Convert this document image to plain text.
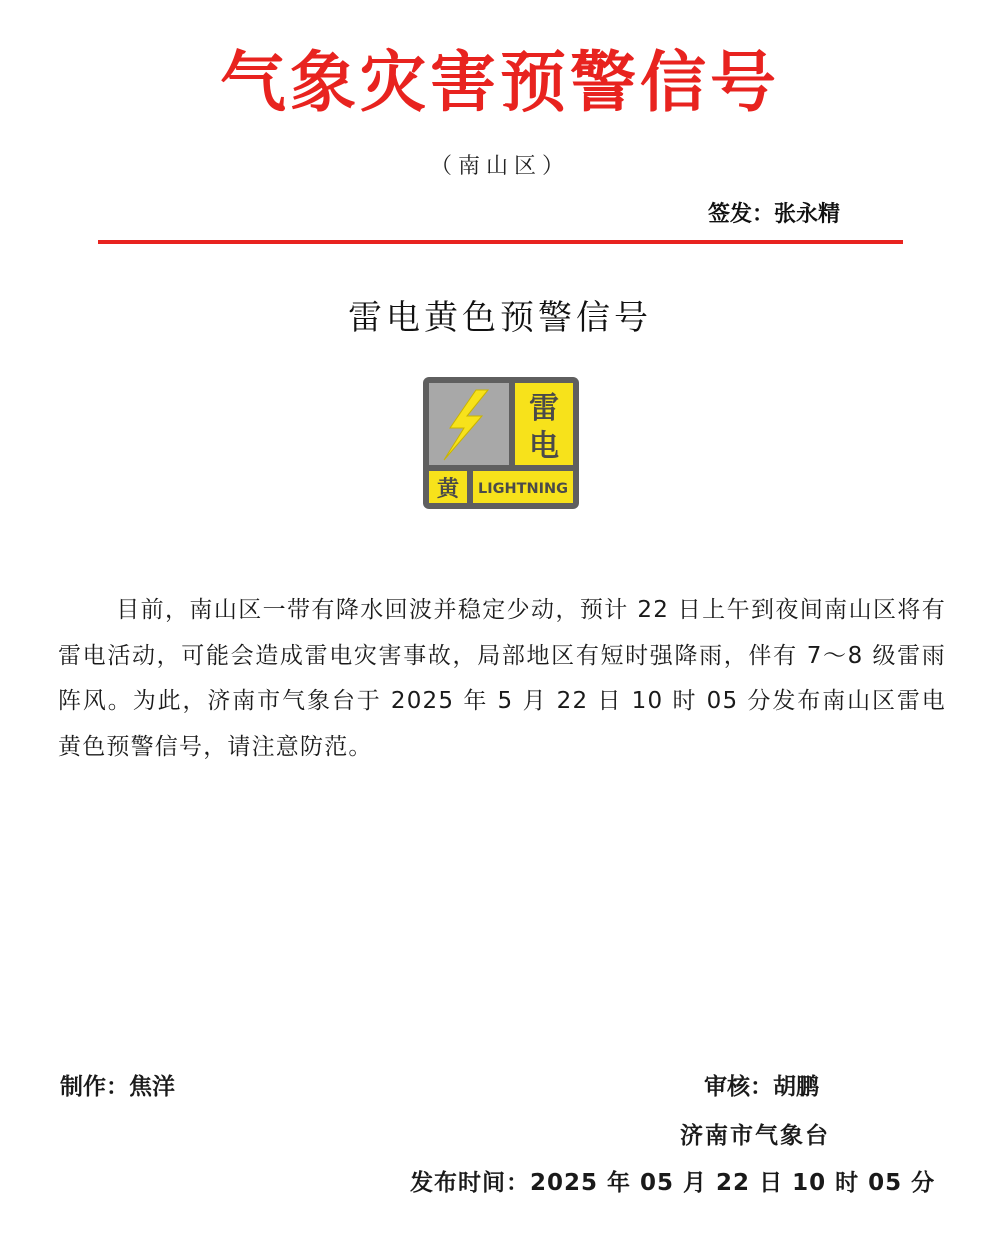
气象灾害预警信号
（南山区）
签发：张永精
雷电黄色预警信号
雷
电
黄 LIGHTNING
目前，南山区一带有降水回波并稳定少动，预计 22 日上午到夜间南山区将有雷电活动，可能会造成雷电灾害事故，局部地区有短时强降雨，伴有 7～8 级雷雨阵风。为此，济南市气象台于 2025 年 5 月 22 日 10 时 05 分发布南山区雷电黄色预警信号，请注意防范。
制作：焦洋	审核：胡鹏
济南市气象台
发布时间：2025 年 05 月 22 日 10 时 05 分
